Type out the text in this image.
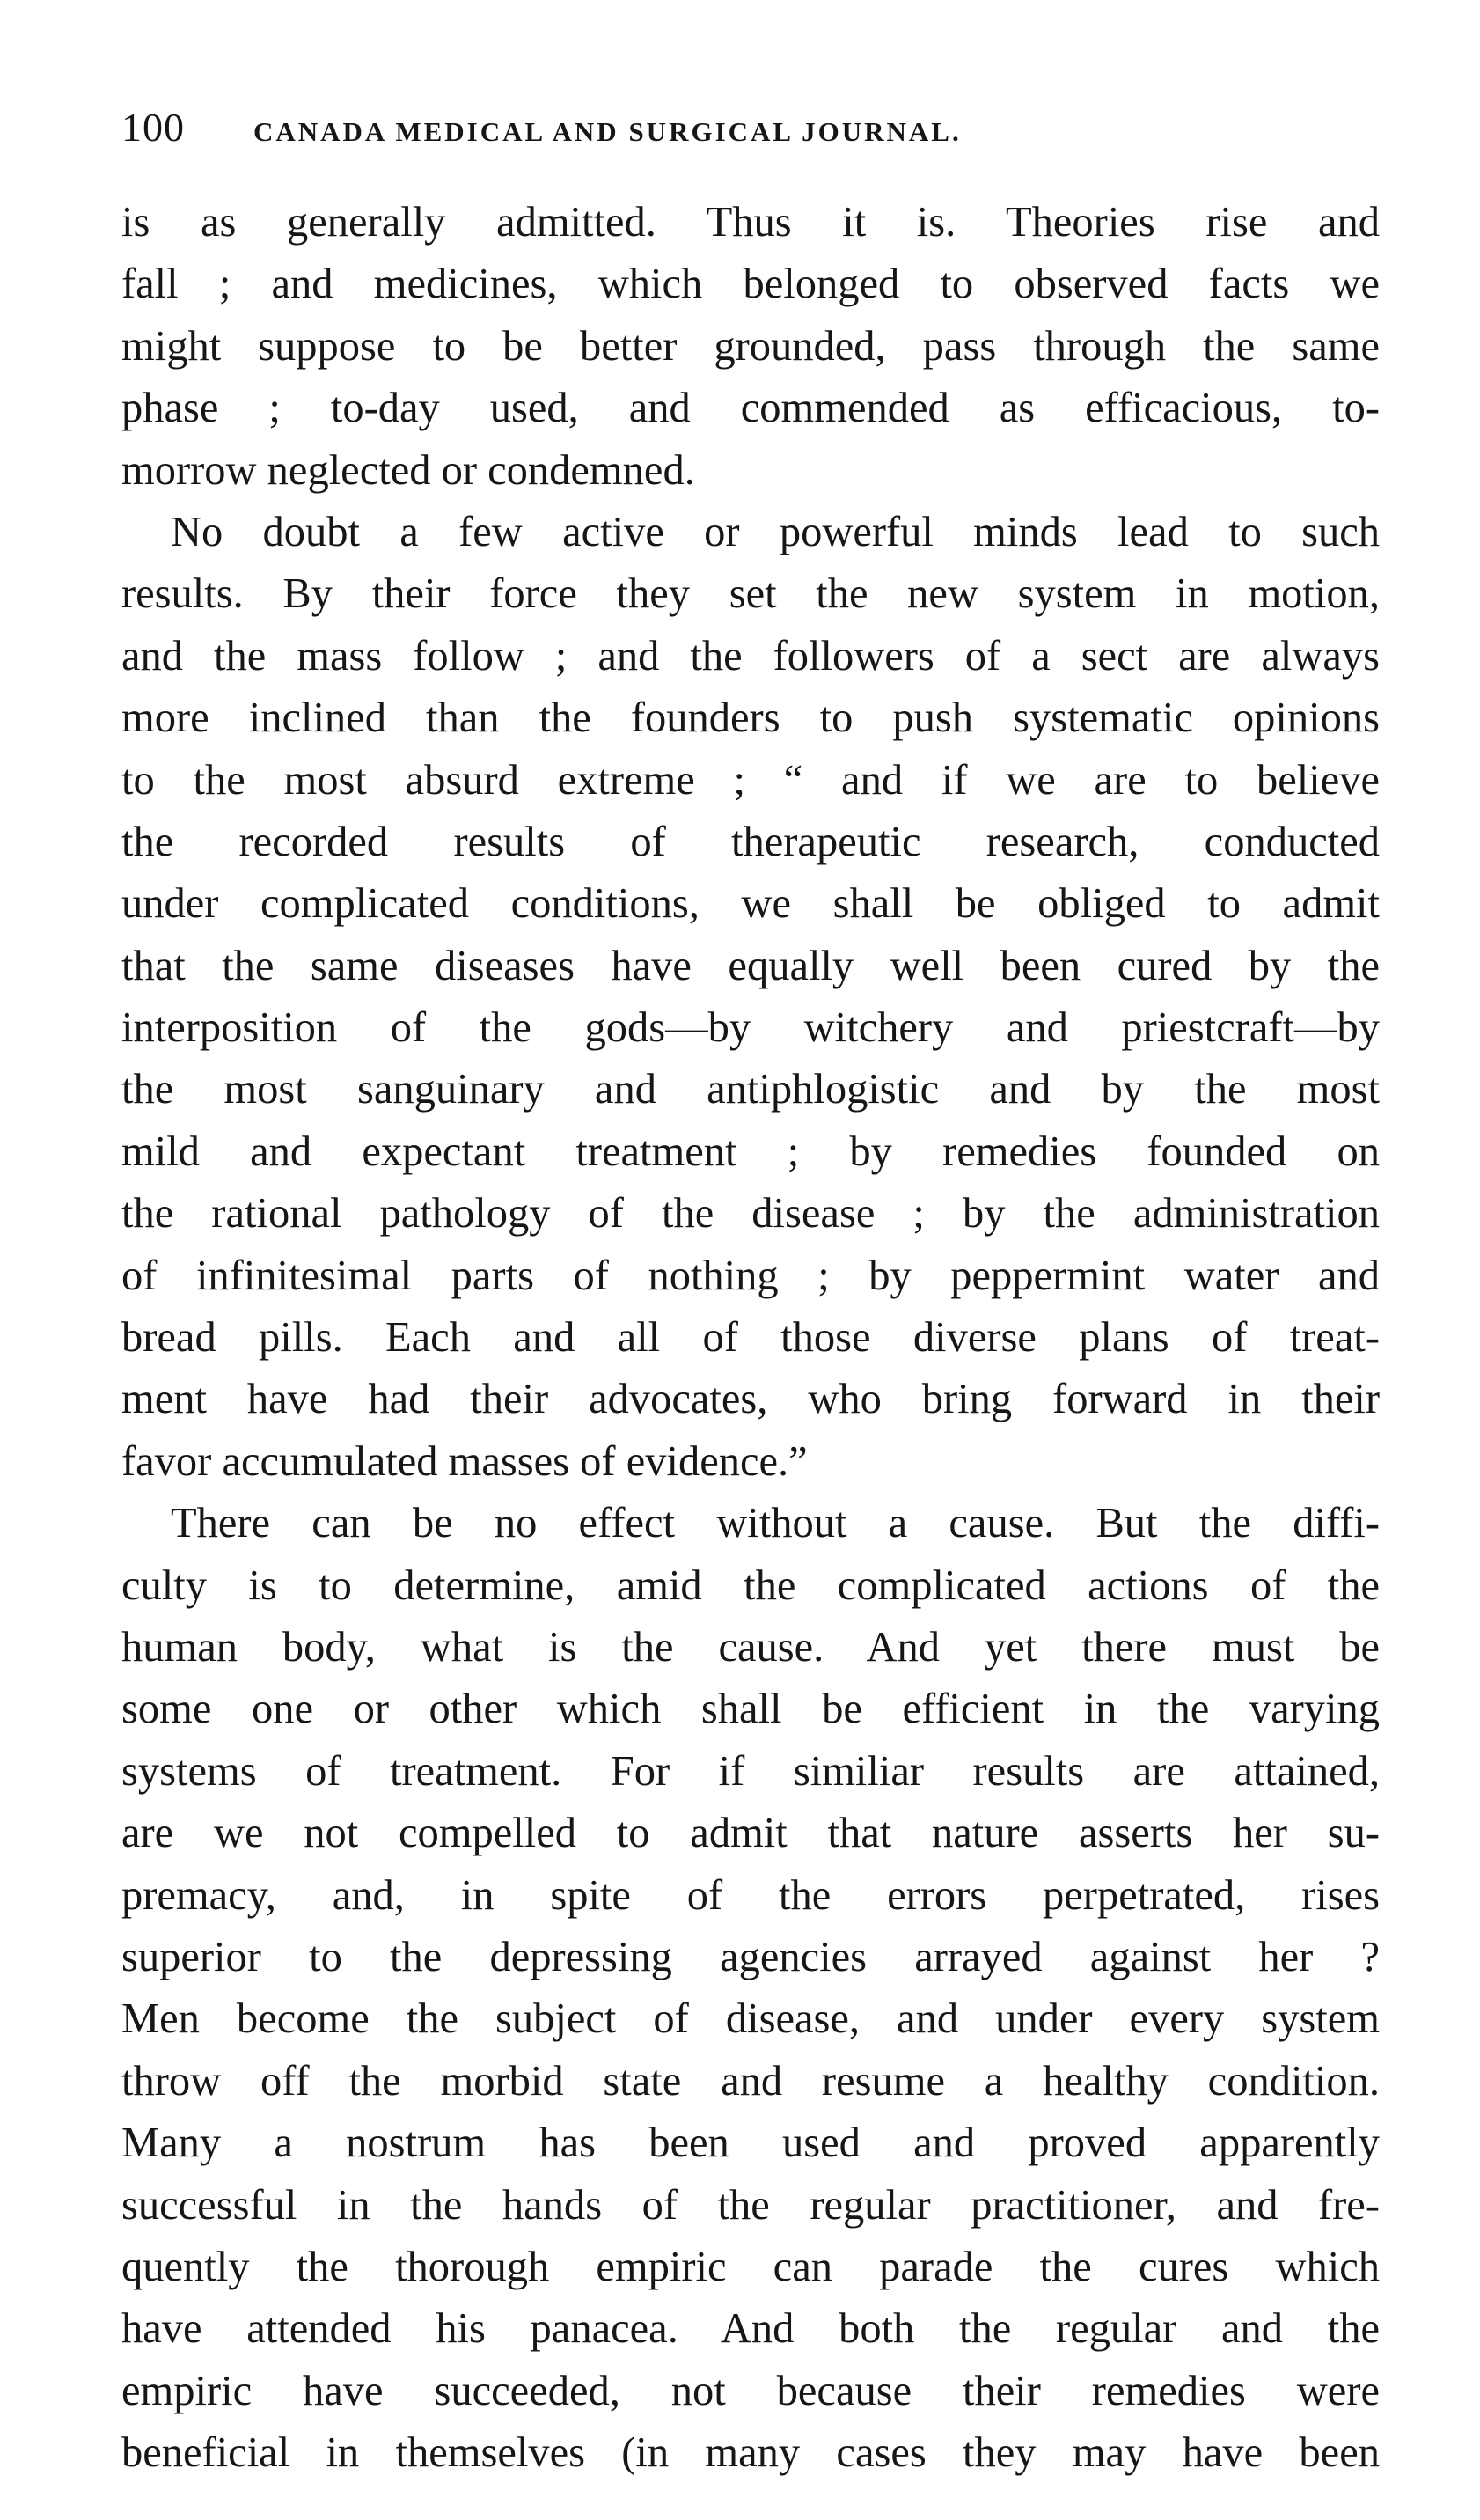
100	CANADA MEDICAL AND SURGICAL JOURNAL.
is as generally admitted. Thus it is. Theories rise and
fall ; and medicines, which belonged to observed facts we
might suppose to be better grounded, pass through the same
phase ; to-day used, and commended as efficacious, to-
morrow neglected or condemned.
No doubt a few active or powerful minds lead to such
results. By their force they set the new system in motion,
and the mass follow ; and the followers of a sect are always
more inclined than the founders to push systematic opinions
to the most absurd extreme ; “ and if we are to believe
the recorded results of therapeutic research, conducted
under complicated conditions, we shall be obliged to admit
that the same diseases have equally well been cured by the
interposition of the gods—by witchery and priestcraft—by
the most sanguinary and antiphlogistic and by the most
mild and expectant treatment ; by remedies founded on
the rational pathology of the disease ; by the administration
of infinitesimal parts of nothing ; by peppermint water and
bread pills. Each and all of those diverse plans of treat-
ment have had their advocates, who bring forward in their
favor accumulated masses of evidence.”
There can be no effect without a cause. But the diffi-
culty is to determine, amid the complicated actions of the
human body, what is the cause. And yet there must be
some one or other which shall be efficient in the varying
systems of treatment. For if similiar results are attained,
are we not compelled to admit that nature asserts her su-
premacy, and, in spite of the errors perpetrated, rises
superior to the depressing agencies arrayed against her ?
Men become the subject of disease, and under every system
throw off the morbid state and resume a healthy condition.
Many a nostrum has been used and proved apparently
successful in the hands of the regular practitioner, and fre-
quently the thorough empiric can parade the cures which
have attended his panacea. And both the regular and the
empiric have succeeded, not because their remedies were
beneficial in themselves (in many cases they may have been
